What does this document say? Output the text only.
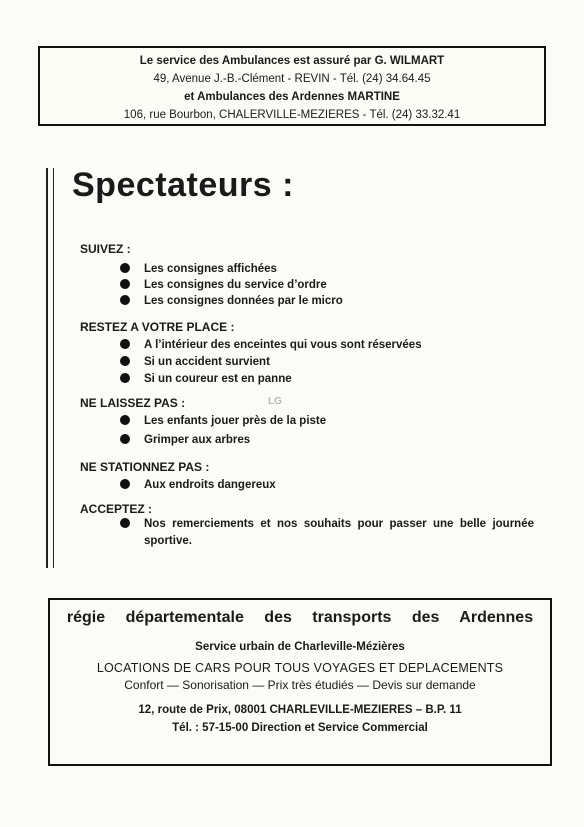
Le service des Ambulances est assuré par G. WILMART
49, Avenue J.-B.-Clément - REVIN - Tél. (24) 34.64.45
et Ambulances des Ardennes MARTINE
106, rue Bourbon, CHALERVILLE-MEZIERES - Tél. (24) 33.32.41
Spectateurs :
SUIVEZ :
Les consignes affichées
Les consignes du service d’ordre
Les consignes données par le micro
RESTEZ A VOTRE PLACE :
A l’intérieur des enceintes qui vous sont réservées
Si un accident survient
Si un coureur est en panne
NE LAISSEZ PAS :
Les enfants jouer près de la piste
Grimper aux arbres
NE STATIONNEZ PAS :
Aux endroits dangereux
ACCEPTEZ :
Nos remerciements et nos souhaits pour passer une belle journée sportive.
LG
régie départementale des transports des Ardennes
Service urbain de Charleville-Mézières
LOCATIONS DE CARS POUR TOUS VOYAGES ET DEPLACEMENTS
Confort — Sonorisation — Prix très étudiés — Devis sur demande
12, route de Prix, 08001 CHARLEVILLE-MEZIERES – B.P. 11
Tél. : 57-15-00 Direction et Service Commercial
